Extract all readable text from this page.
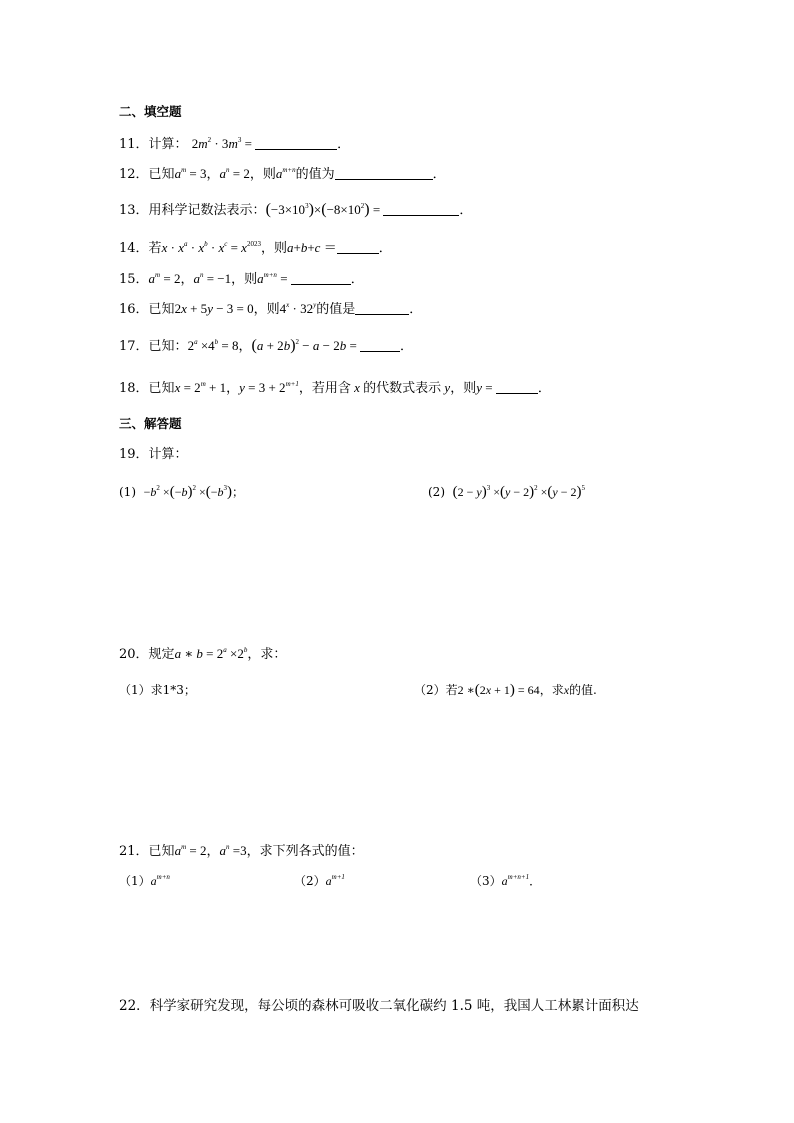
二、填空题
11．计算： $2m^2 \cdot 3m^3$ =	．
12．已知$a^m = 3$，$a^n = 2$，则$a^{m+n}$的值为	．
13．用科学记数法表示：$(-3\times 10^3)\times(-8\times 10^2)$ =	．
14．若$x \cdot x^a \cdot x^b \cdot x^c = x^{2023}$，则a+b+c ＝	．
15．$a^m = 2$，$a^n = -1$，则$a^{m+n}$ =	．
16．已知2x + 5y − 3 = 0，则$4^x \cdot 32^y$的值是	．
17．已知：$2^a \times 4^b = 8$，$(a + 2b)^2 - a - 2b$ =	．
18．已知$x = 2^m + 1$，$y = 3 + 2^{m+1}$，若用含 x 的代数式表示 y，则y =	．
三、解答题
19．计算：
$(1) -b^2 \times(-b)^2 \times(-b^3)$；	(2) $(2 - y)^3 \times(y - 2)^2 \times(y - 2)^5$
20．规定a ∗ $b = 2^a \times 2^b$，求：
（1）求1*3；	（2）若2 ∗(2x + 1) = 64，求x的值.
21．已知$a^m = 2$，$a^n =3$，求下列各式的值：
$(1)a^{m+n}$	$(2)a^{m+1}$	$(3)a^{m+n+1}$．
22．科学家研究发现，每公顷的森林可吸收二氧化碳约 1.5 吨，我国人工林累计面积达
